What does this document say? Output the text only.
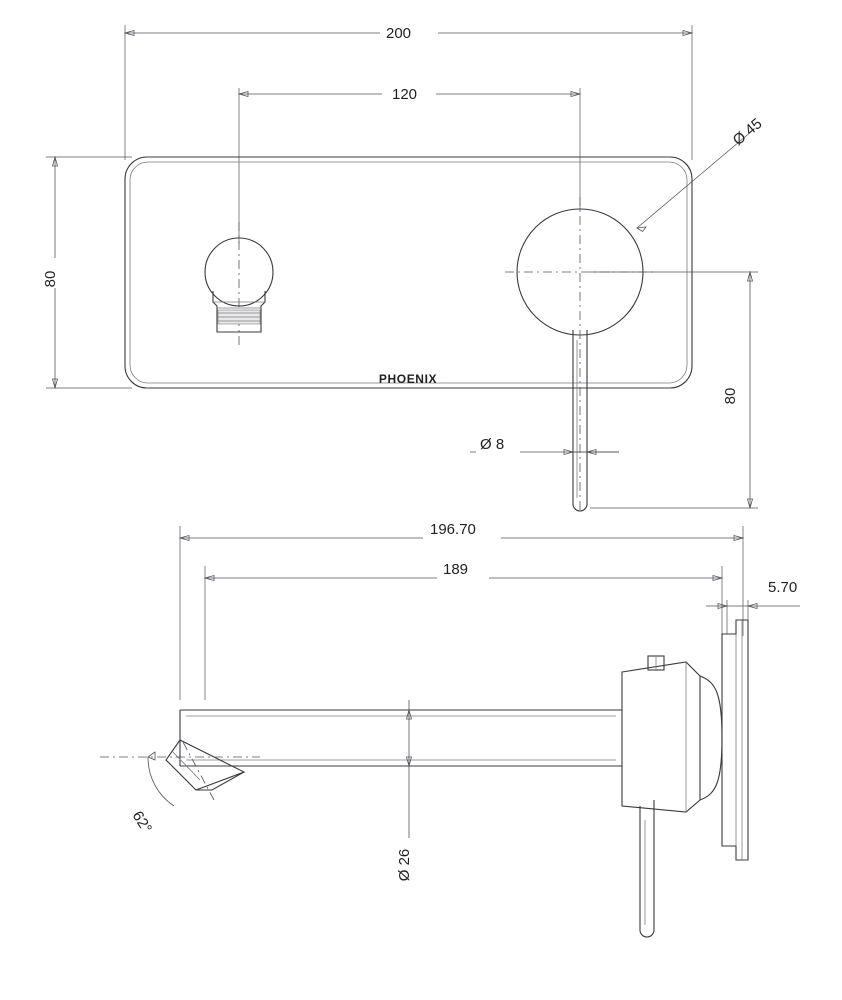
Ø 45
62°
200
120
80
Ø 8
80
196.70
189
5.70
Ø 26
PHOENIX
